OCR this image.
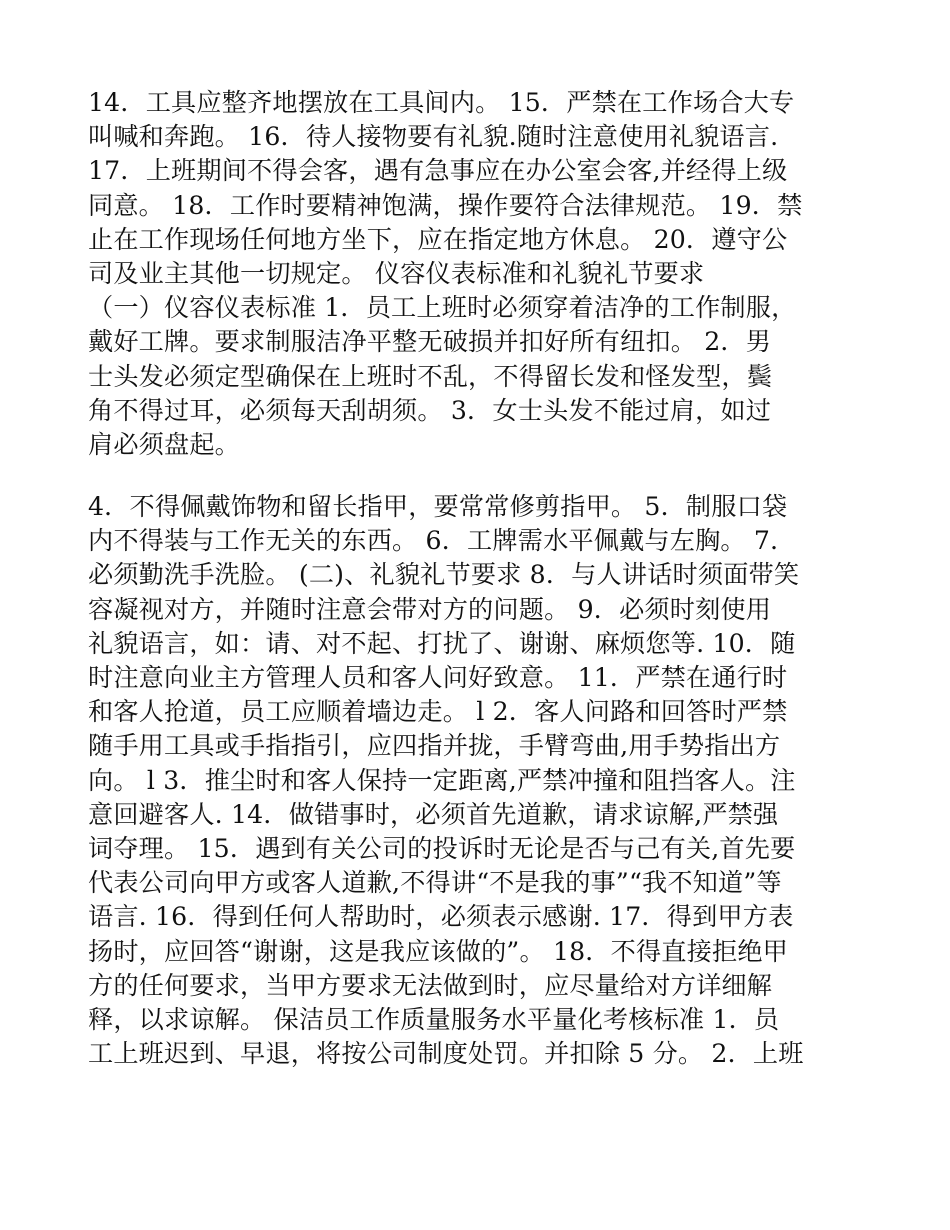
14．工具应整齐地摆放在工具间内。 15．严禁在工作场合大专
叫喊和奔跑。 16．待人接物要有礼貌.随时注意使用礼貌语言.
17．上班期间不得会客，遇有急事应在办公室会客,并经得上级
同意。 18．工作时要精神饱满，操作要符合法律规范。 19．禁
止在工作现场任何地方坐下，应在指定地方休息。 20．遵守公
司及业主其他一切规定。 仪容仪表标准和礼貌礼节要求
（一）仪容仪表标准 1．员工上班时必须穿着洁净的工作制服，
戴好工牌。要求制服洁净平整无破损并扣好所有纽扣。 2．男
士头发必须定型确保在上班时不乱，不得留长发和怪发型，鬓
角不得过耳，必须每天刮胡须。 3．女士头发不能过肩，如过
肩必须盘起。

4．不得佩戴饰物和留长指甲，要常常修剪指甲。 5．制服口袋
内不得装与工作无关的东西。 6．工牌需水平佩戴与左胸。 7．
必须勤洗手洗脸。 (二)、礼貌礼节要求 8．与人讲话时须面带笑
容凝视对方，并随时注意会带对方的问题。 9．必须时刻使用
礼貌语言，如：请、对不起、打扰了、谢谢、麻烦您等. 10．随
时注意向业主方管理人员和客人问好致意。 11．严禁在通行时
和客人抢道，员工应顺着墙边走。 l 2．客人问路和回答时严禁
随手用工具或手指指引，应四指并拢，手臂弯曲,用手势指出方
向。 l 3．推尘时和客人保持一定距离,严禁冲撞和阻挡客人。注
意回避客人. 14．做错事时，必须首先道歉，请求谅解,严禁强
词夺理。 15．遇到有关公司的投诉时无论是否与己有关,首先要
代表公司向甲方或客人道歉,不得讲“不是我的事”“我不知道”等
语言. 16．得到任何人帮助时，必须表示感谢. 17．得到甲方表
扬时，应回答“谢谢，这是我应该做的”。 18．不得直接拒绝甲
方的任何要求，当甲方要求无法做到时，应尽量给对方详细解
释，以求谅解。 保洁员工作质量服务水平量化考核标准 1．员
工上班迟到、早退，将按公司制度处罚。并扣除 5 分。 2．上班
